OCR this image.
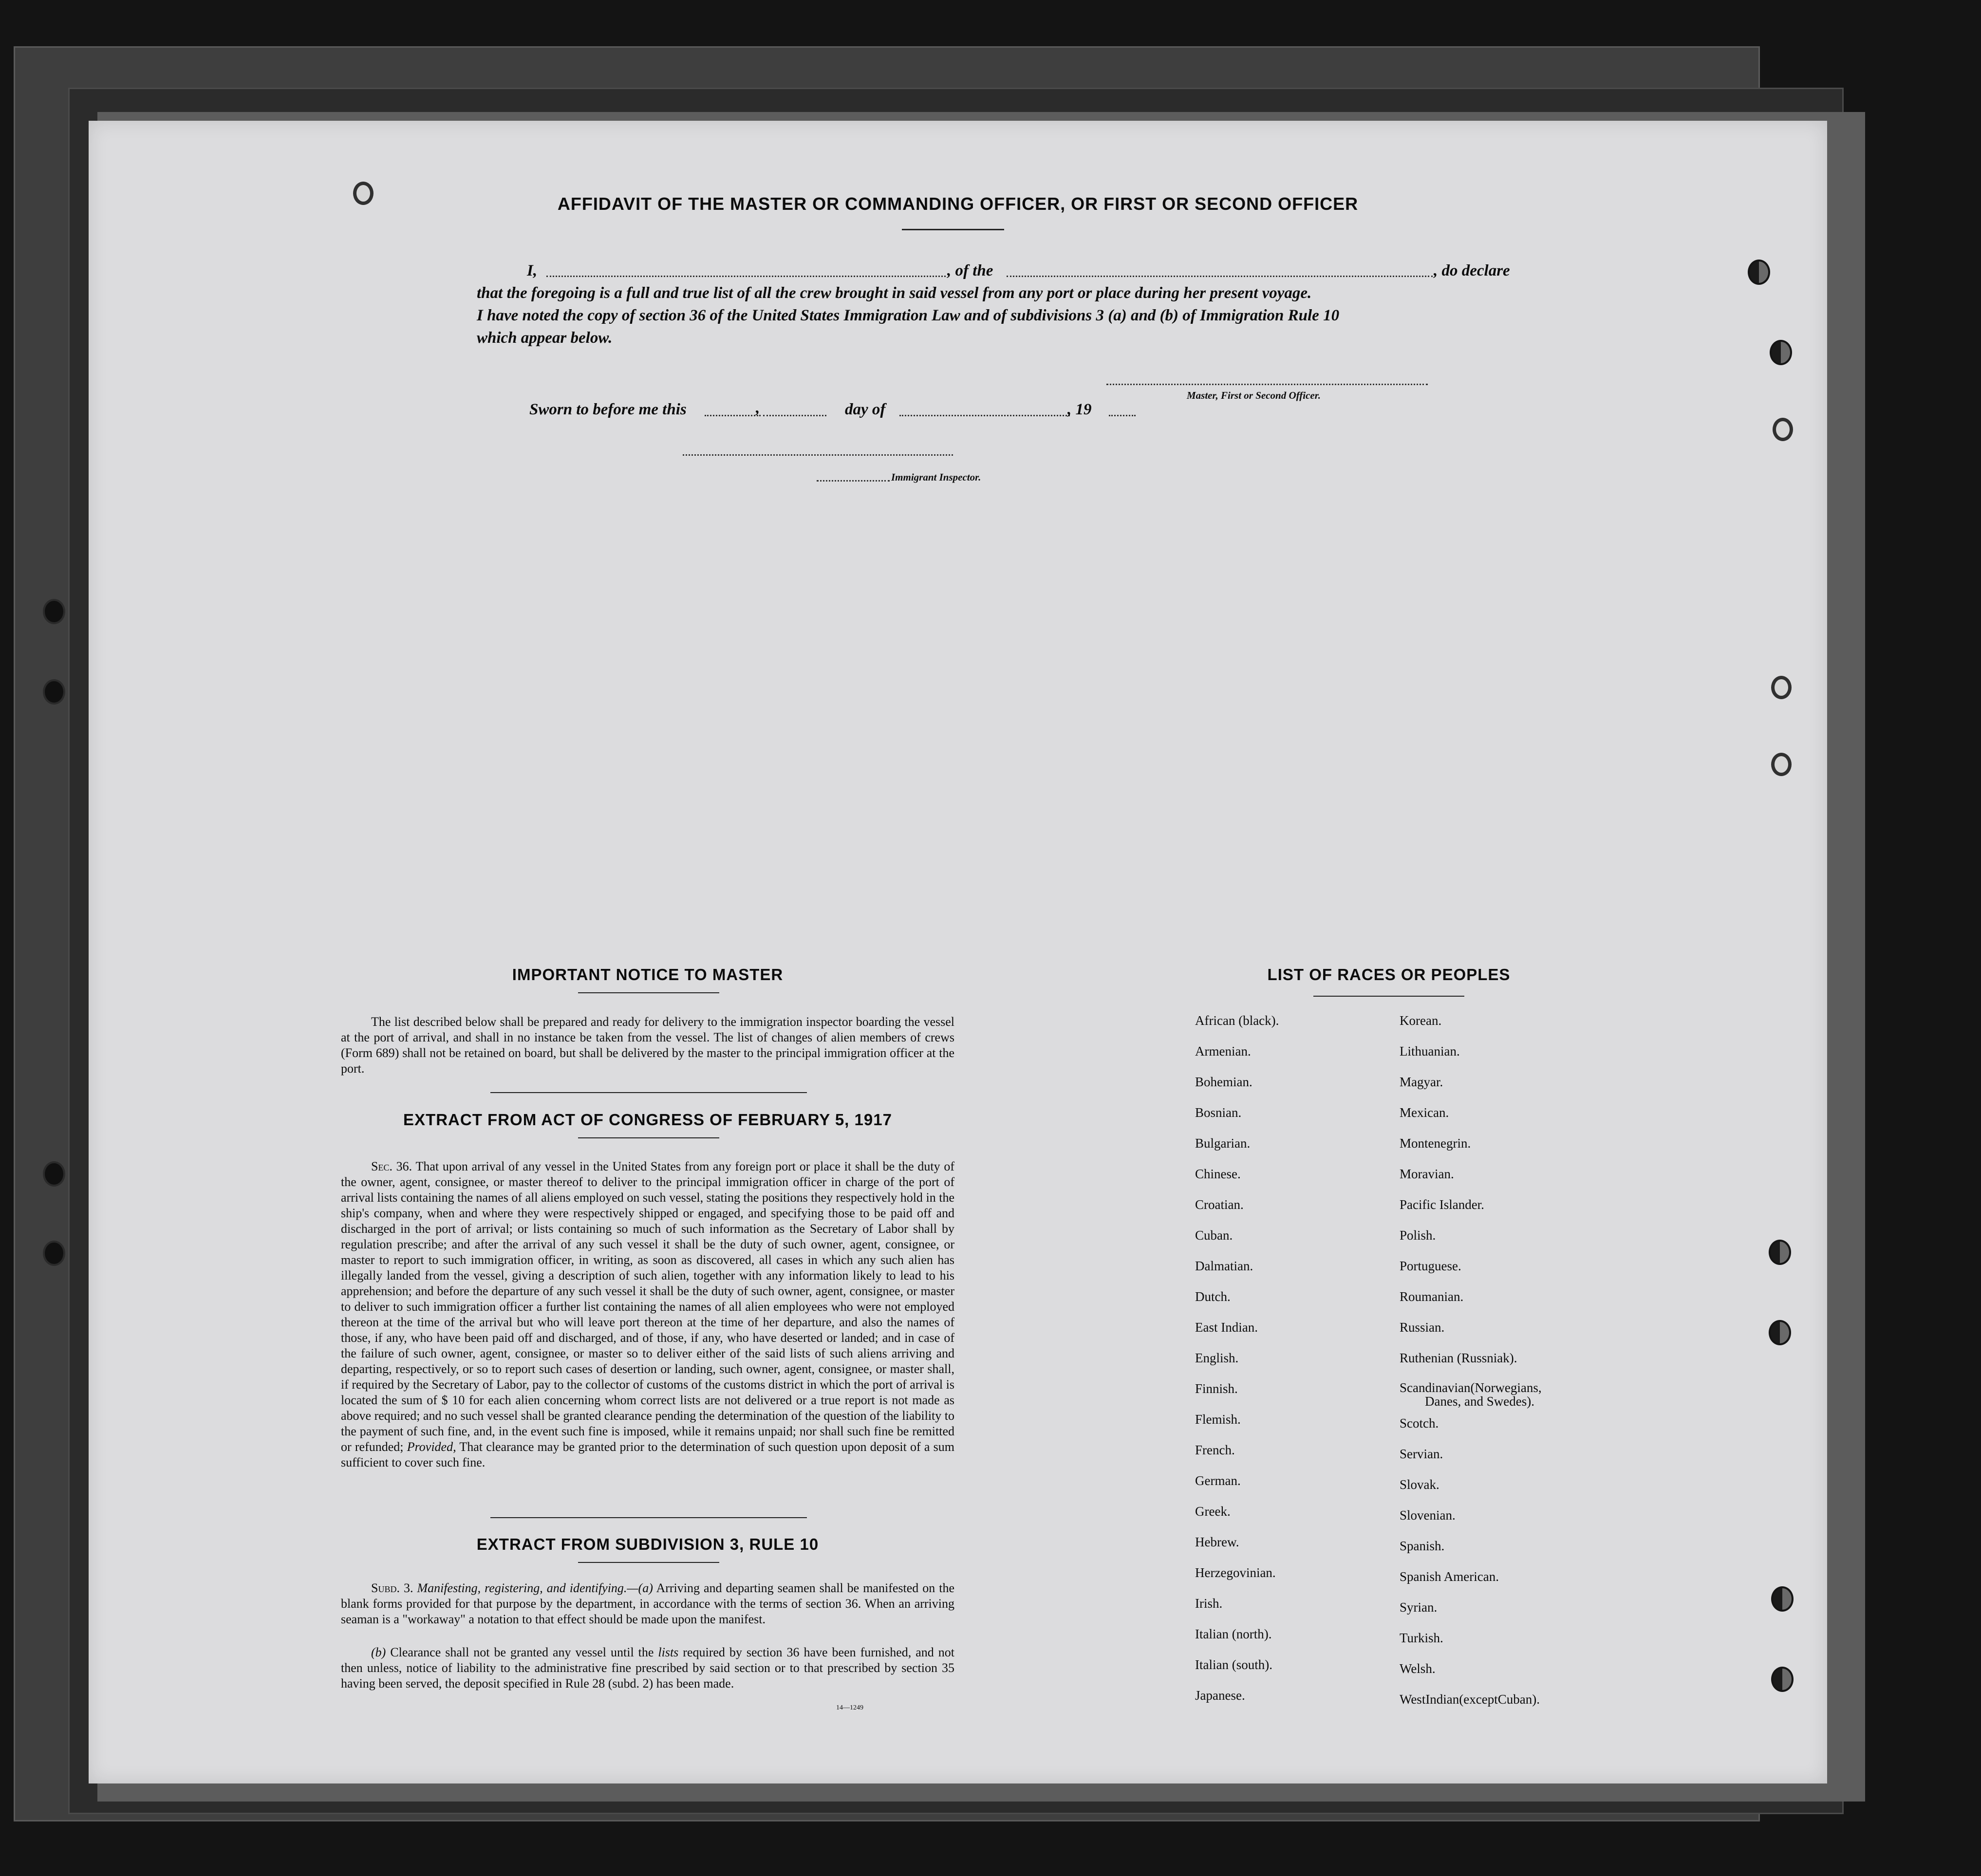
AFFIDAVIT OF THE MASTER OR COMMANDING OFFICER, OR FIRST OR SECOND OFFICER
I,	, of the	, do declare
that the foregoing is a full and true list of all the crew brought in said vessel from any port or place during her present voyage.
I have noted the copy of section 36 of the United States Immigration Law and of subdivisions 3 (a) and (b) of Immigration Rule 10
which appear below.
Master, First or Second Officer.
Sworn to before me this	,	day of	, 19
Immigrant Inspector.
IMPORTANT NOTICE TO MASTER
The list described below shall be prepared and ready for delivery to the immigration inspector boarding the vessel at the port of arrival, and shall in no instance be taken from the vessel. The list of changes of alien members of crews (Form 689) shall not be retained on board, but shall be delivered by the master to the principal immigration officer at the port.
EXTRACT FROM ACT OF CONGRESS OF FEBRUARY 5, 1917
Sec. 36. That upon arrival of any vessel in the United States from any foreign port or place it shall be the duty of the owner, agent, consignee, or master thereof to deliver to the principal immigration officer in charge of the port of arrival lists containing the names of all aliens employed on such vessel, stating the positions they respectively hold in the ship's company, when and where they were respectively shipped or engaged, and specifying those to be paid off and discharged in the port of arrival; or lists containing so much of such information as the Secretary of Labor shall by regulation prescribe; and after the arrival of any such vessel it shall be the duty of such owner, agent, consignee, or master to report to such immigration officer, in writing, as soon as discovered, all cases in which any such alien has illegally landed from the vessel, giving a description of such alien, together with any information likely to lead to his apprehension; and before the departure of any such vessel it shall be the duty of such owner, agent, consignee, or master to deliver to such immigration officer a further list containing the names of all alien employees who were not employed thereon at the time of the arrival but who will leave port thereon at the time of her departure, and also the names of those, if any, who have been paid off and discharged, and of those, if any, who have deserted or landed; and in case of the failure of such owner, agent, consignee, or master so to deliver either of the said lists of such aliens arriving and departing, respectively, or so to report such cases of desertion or landing, such owner, agent, consignee, or master shall, if required by the Secretary of Labor, pay to the collector of customs of the customs district in which the port of arrival is located the sum of $ 10 for each alien concerning whom correct lists are not delivered or a true report is not made as above required; and no such vessel shall be granted clearance pending the determination of the question of the liability to the payment of such fine, and, in the event such fine is imposed, while it remains unpaid; nor shall such fine be remitted or refunded; Provided, That clearance may be granted prior to the determination of such question upon deposit of a sum sufficient to cover such fine.
EXTRACT FROM SUBDIVISION 3, RULE 10
Subd. 3. Manifesting, registering, and identifying.—(a) Arriving and departing seamen shall be manifested on the blank forms provided for that purpose by the department, in accordance with the terms of section 36. When an arriving seaman is a "workaway" a notation to that effect should be made upon the manifest.
(b) Clearance shall not be granted any vessel until the lists required by section 36 have been furnished, and not then unless, notice of liability to the administrative fine prescribed by said section or to that prescribed by section 35 having been served, the deposit specified in Rule 28 (subd. 2) has been made.
14—1249
LIST OF RACES OR PEOPLES
African (black).
Armenian.
Bohemian.
Bosnian.
Bulgarian.
Chinese.
Croatian.
Cuban.
Dalmatian.
Dutch.
East Indian.
English.
Finnish.
Flemish.
French.
German.
Greek.
Hebrew.
Herzegovinian.
Irish.
Italian (north).
Italian (south).
Japanese.
Korean.
Lithuanian.
Magyar.
Mexican.
Montenegrin.
Moravian.
Pacific Islander.
Polish.
Portuguese.
Roumanian.
Russian.
Ruthenian (Russniak).
Scandinavian(Norwegians,
Danes, and Swedes).
Scotch.
Servian.
Slovak.
Slovenian.
Spanish.
Spanish American.
Syrian.
Turkish.
Welsh.
WestIndian(exceptCuban).
